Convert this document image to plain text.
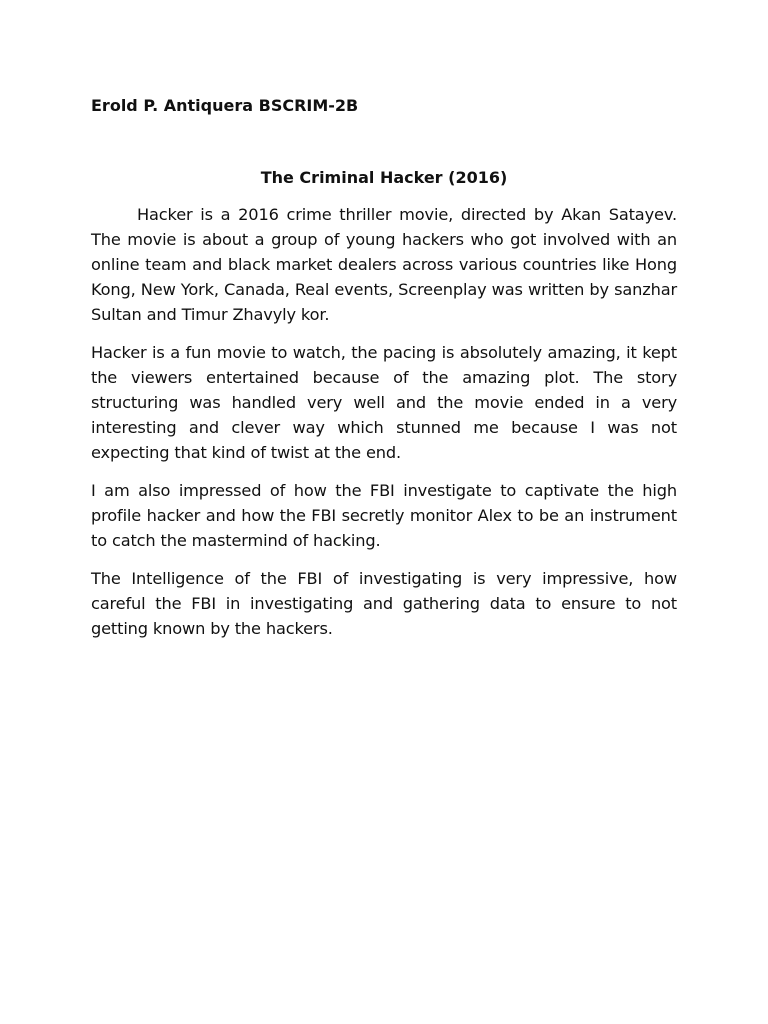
Erold P. Antiquera BSCRIM-2B
The Criminal Hacker (2016)

Hacker is a 2016 crime thriller movie, directed by Akan Satayev. The movie is about a group of young hackers who got involved with an online team and black market dealers across various countries like Hong Kong, New York, Canada, Real events, Screenplay was written by sanzhar Sultan and Timur Zhavyly kor.

Hacker is a fun movie to watch, the pacing is absolutely amazing, it kept the viewers entertained because of the amazing plot. The story structuring was handled very well and the movie ended in a very interesting and clever way which stunned me because I was not expecting that kind of twist at the end.

I am also impressed of how the FBI investigate to captivate the high profile hacker and how the FBI secretly monitor Alex to be an instrument to catch the mastermind of hacking.

The Intelligence of the FBI of investigating is very impressive, how careful the FBI in investigating and gathering data to ensure to not getting known by the hackers.
